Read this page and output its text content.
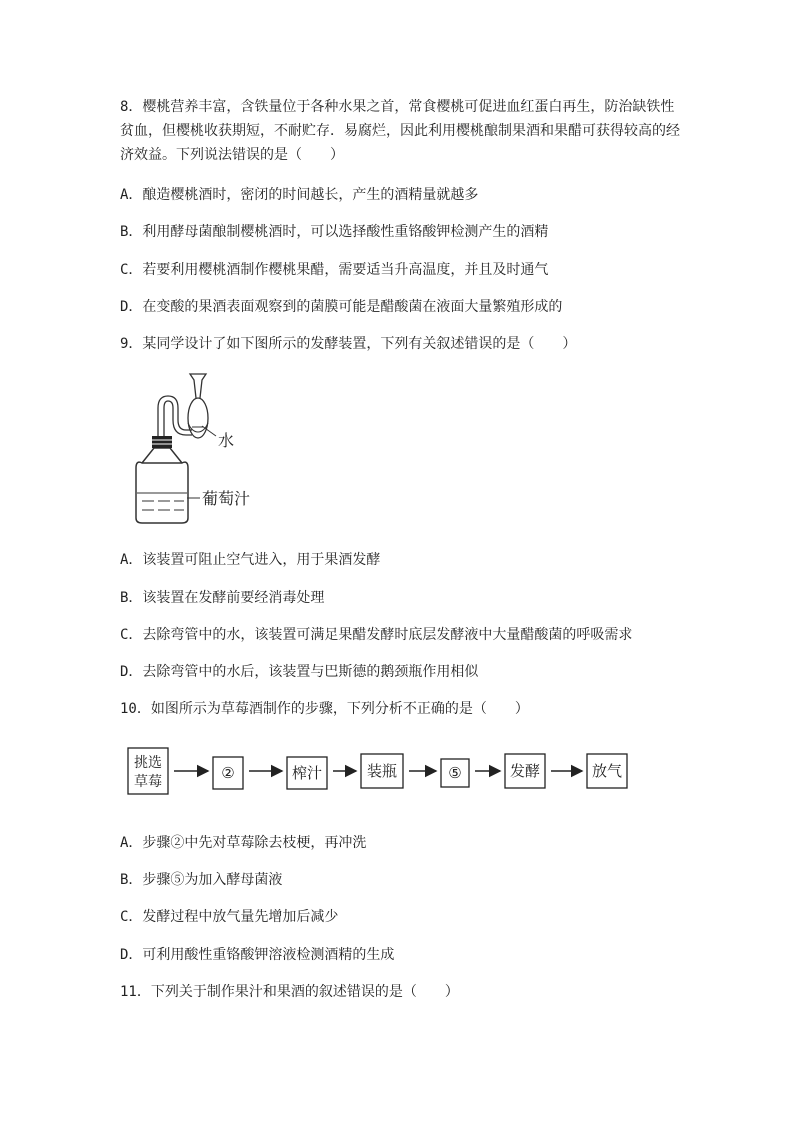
8．樱桃营养丰富，含铁量位于各种水果之首，常食樱桃可促进血红蛋白再生，防治缺铁性贫血，但樱桃收获期短，不耐贮存．易腐烂，因此利用樱桃酿制果酒和果醋可获得较高的经济效益。下列说法错误的是（　　）
A．酿造樱桃酒时，密闭的时间越长，产生的酒精量就越多
B．利用酵母菌酿制樱桃酒时，可以选择酸性重铬酸钾检测产生的酒精
C．若要利用樱桃酒制作樱桃果醋，需要适当升高温度，并且及时通气
D．在变酸的果酒表面观察到的菌膜可能是醋酸菌在液面大量繁殖形成的
9．某同学设计了如下图所示的发酵装置，下列有关叙述错误的是（　　）
水
葡萄汁
A．该装置可阻止空气进入，用于果酒发酵
B．该装置在发酵前要经消毒处理
C．去除弯管中的水，该装置可满足果醋发酵时底层发酵液中大量醋酸菌的呼吸需求
D．去除弯管中的水后，该装置与巴斯德的鹅颈瓶作用相似
10．如图所示为草莓酒制作的步骤，下列分析不正确的是（　　）
挑选
草莓	②	榨汁	装瓶	⑤	发酵	放气
A．步骤②中先对草莓除去枝梗，再冲洗
B．步骤⑤为加入酵母菌液
C．发酵过程中放气量先增加后减少
D．可利用酸性重铬酸钾溶液检测酒精的生成
11．下列关于制作果汁和果酒的叙述错误的是（　　）
